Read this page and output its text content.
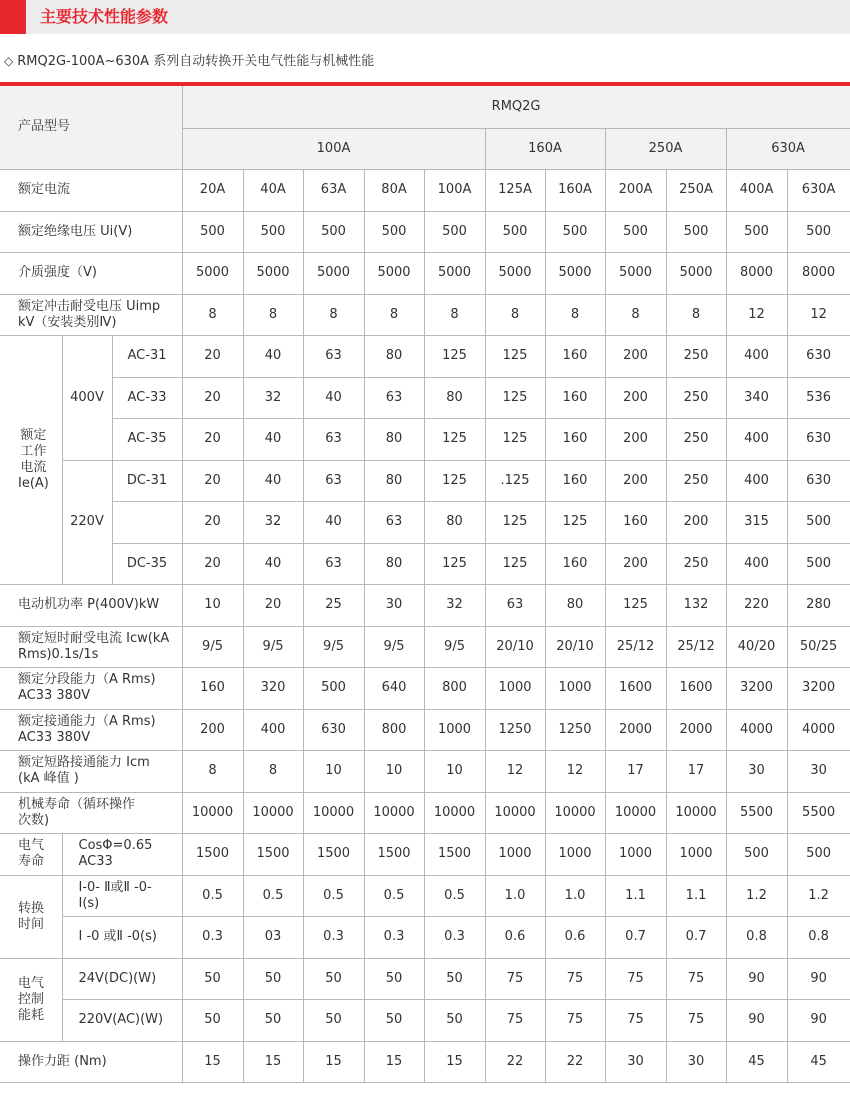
主要技术性能参数
◇ RMQ2G-100A~630A 系列自动转换开关电气性能与机械性能
产品型号			RMQ2G										
			100A					160A		250A		630A	
额定电流			20A	40A	63A	80A	100A	125A	160A	200A	250A	400A	630A
额定绝缘电压 Ui(V)			500	500	500	500	500	500	500	500	500	500	500
介质强度（V)			5000	5000	5000	5000	5000	5000	5000	5000	5000	8000	8000
额定冲击耐受电压 Uimp
kV（安装类别Ⅳ)			8	8	8	8	8	8	8	8	8	12	12
额定
工作
电流
Ie(A)	400V	AC-31	20	40	63	80	125	125	160	200	250	400	630
		AC-33	20	32	40	63	80	125	160	200	250	340	536
		AC-35	20	40	63	80	125	125	160	200	250	400	630
	220V	DC-31	20	40	63	80	125	.125	160	200	250	400	630
			20	32	40	63	80	125	125	160	200	315	500
		DC-35	20	40	63	80	125	125	160	200	250	400	500
电动机功率 P(400V)kW			10	20	25	30	32	63	80	125	132	220	280
额定短时耐受电流 Icw(kA
Rms)0.1s/1s			9/5	9/5	9/5	9/5	9/5	20/10	20/10	25/12	25/12	40/20	50/25
额定分段能力（A Rms)
AC33 380V			160	320	500	640	800	1000	1000	1600	1600	3200	3200
额定接通能力（A Rms)
AC33 380V			200	400	630	800	1000	1250	1250	2000	2000	4000	4000
额定短路接通能力 Icm
(kA 峰值 )			8	8	10	10	10	12	12	17	17	30	30
机械寿命（循环操作
次数)			10000	10000	10000	10000	10000	10000	10000	10000	10000	5500	5500
电气
寿命	CosΦ=0.65
AC33		1500	1500	1500	1500	1500	1000	1000	1000	1000	500	500
转换
时间	Ⅰ-0- Ⅱ或Ⅱ -0-
Ⅰ(s)		0.5	0.5	0.5	0.5	0.5	1.0	1.0	1.1	1.1	1.2	1.2
	Ⅰ -0 或Ⅱ -0(s)		0.3	03	0.3	0.3	0.3	0.6	0.6	0.7	0.7	0.8	0.8
电气
控制
能耗	24V(DC)(W)		50	50	50	50	50	75	75	75	75	90	90
	220V(AC)(W)		50	50	50	50	50	75	75	75	75	90	90
操作力距 (Nm)			15	15	15	15	15	22	22	30	30	45	45
